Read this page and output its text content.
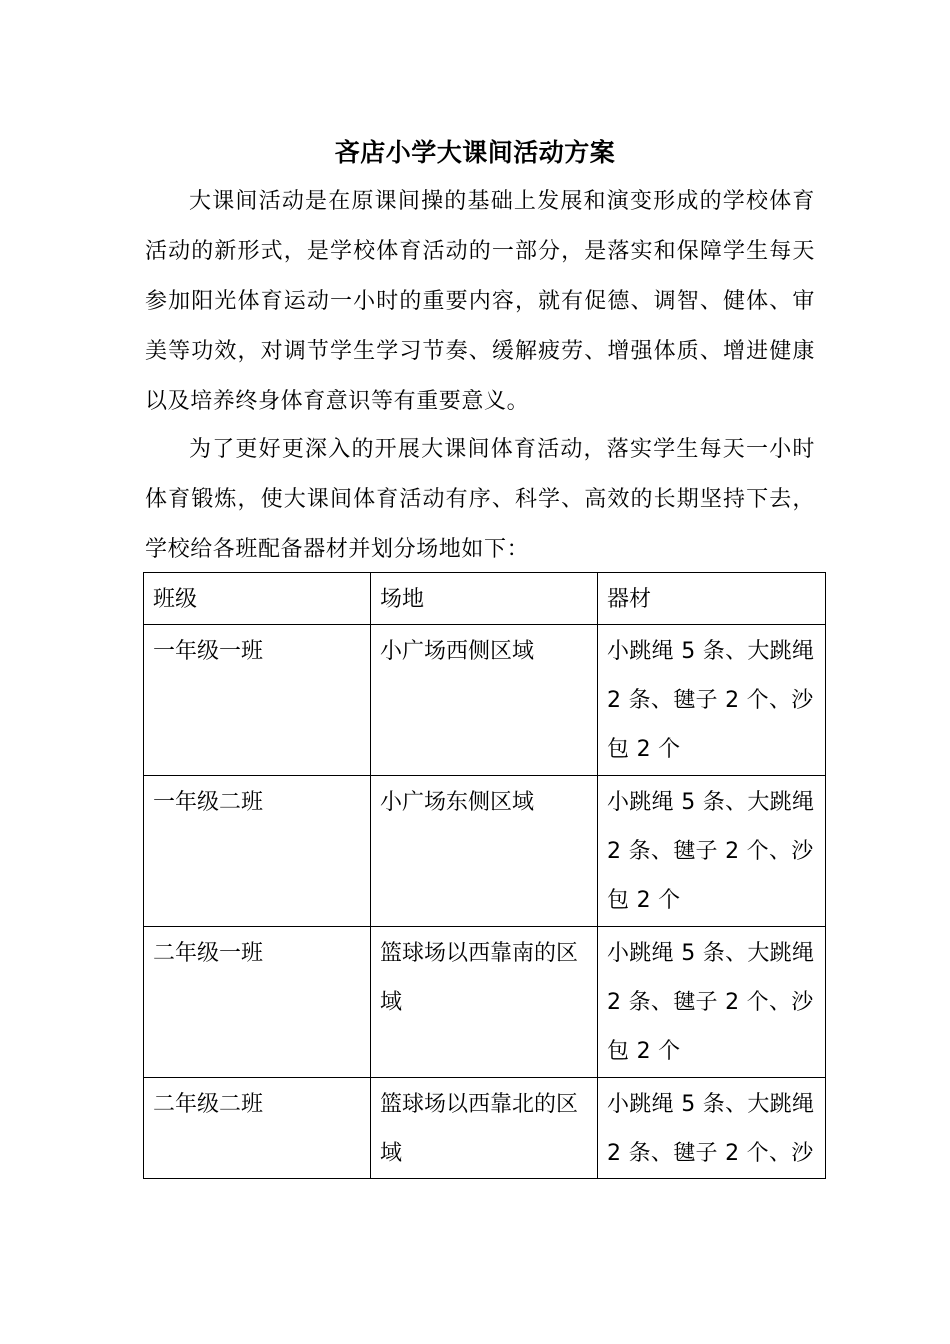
吝店小学大课间活动方案

大课间活动是在原课间操的基础上发展和演变形成的学校体育活动的新形式，是学校体育活动的一部分，是落实和保障学生每天参加阳光体育运动一小时的重要内容，就有促德、调智、健体、审美等功效，对调节学生学习节奏、缓解疲劳、增强体质、增进健康以及培养终身体育意识等有重要意义。

为了更好更深入的开展大课间体育活动，落实学生每天一小时体育锻炼，使大课间体育活动有序、科学、高效的长期坚持下去，学校给各班配备器材并划分场地如下：

班级	场地	器材
一年级一班	小广场西侧区域	小跳绳 5 条、大跳绳 2 条、毽子 2 个、沙包 2 个
一年级二班	小广场东侧区域	小跳绳 5 条、大跳绳 2 条、毽子 2 个、沙包 2 个
二年级一班	篮球场以西靠南的区域	小跳绳 5 条、大跳绳 2 条、毽子 2 个、沙包 2 个

二年级二班	篮球场以西靠北的区域	小跳绳 5 条、大跳绳 2 条、毽子 2 个、沙
